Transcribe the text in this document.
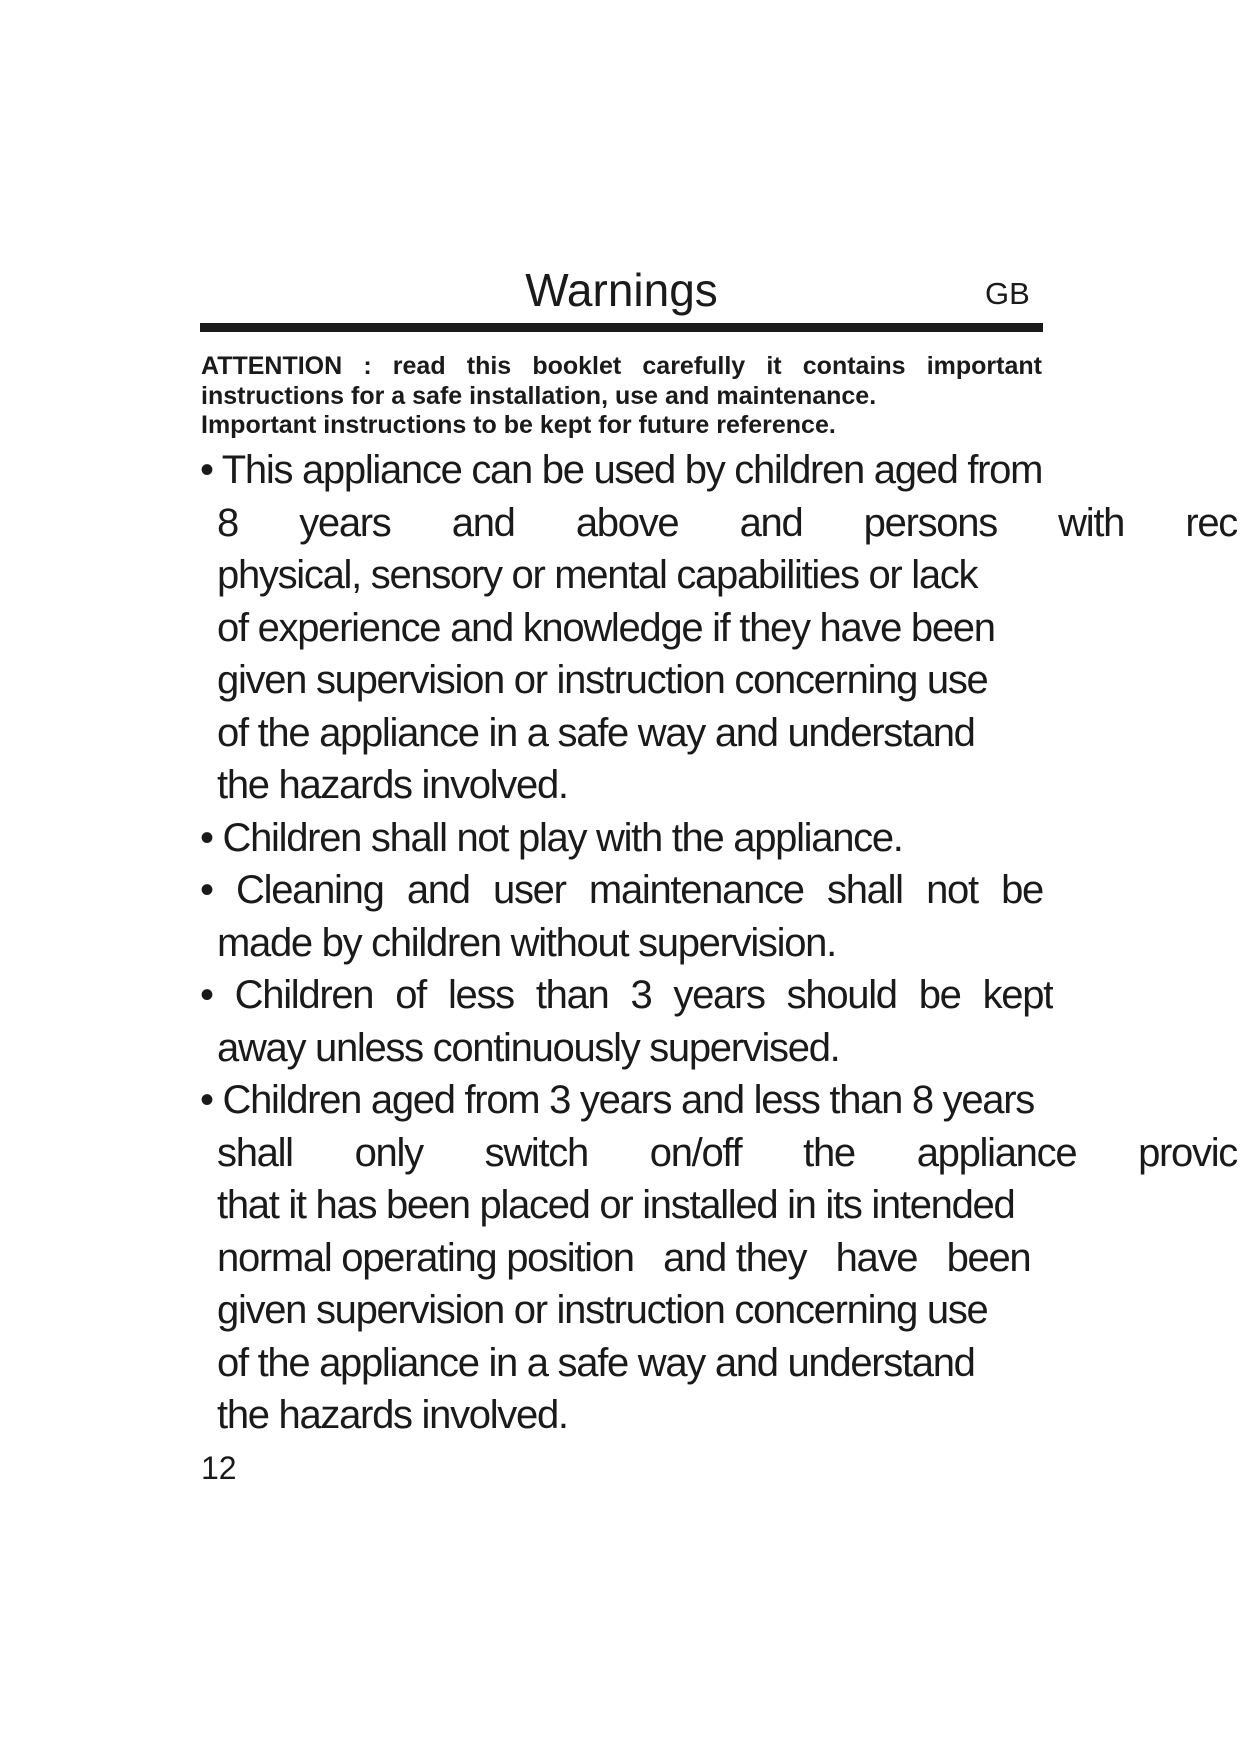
Warnings	GB
ATTENTION : read this booklet carefully it contains important
instructions for a safe installation, use and maintenance.
Important instructions to be kept for future reference.
• This appliance can be used by children aged from
8 years and above and persons with rec
physical, sensory or mental capabilities or lack
of experience and knowledge if they have been
given supervision or instruction concerning use
of the appliance in a safe way and understand
the hazards involved.
• Children shall not play with the appliance.
• Cleaning and user maintenance shall not be
made by children without supervision.
• Children of less than 3 years should be kept
away unless continuously supervised.
• Children aged from 3 years and less than 8 years
shall only switch on/off the appliance provic
that it has been placed or installed in its intended
normal operating position   and they   have   been
given supervision or instruction concerning use
of the appliance in a safe way and understand
the hazards involved.
12
